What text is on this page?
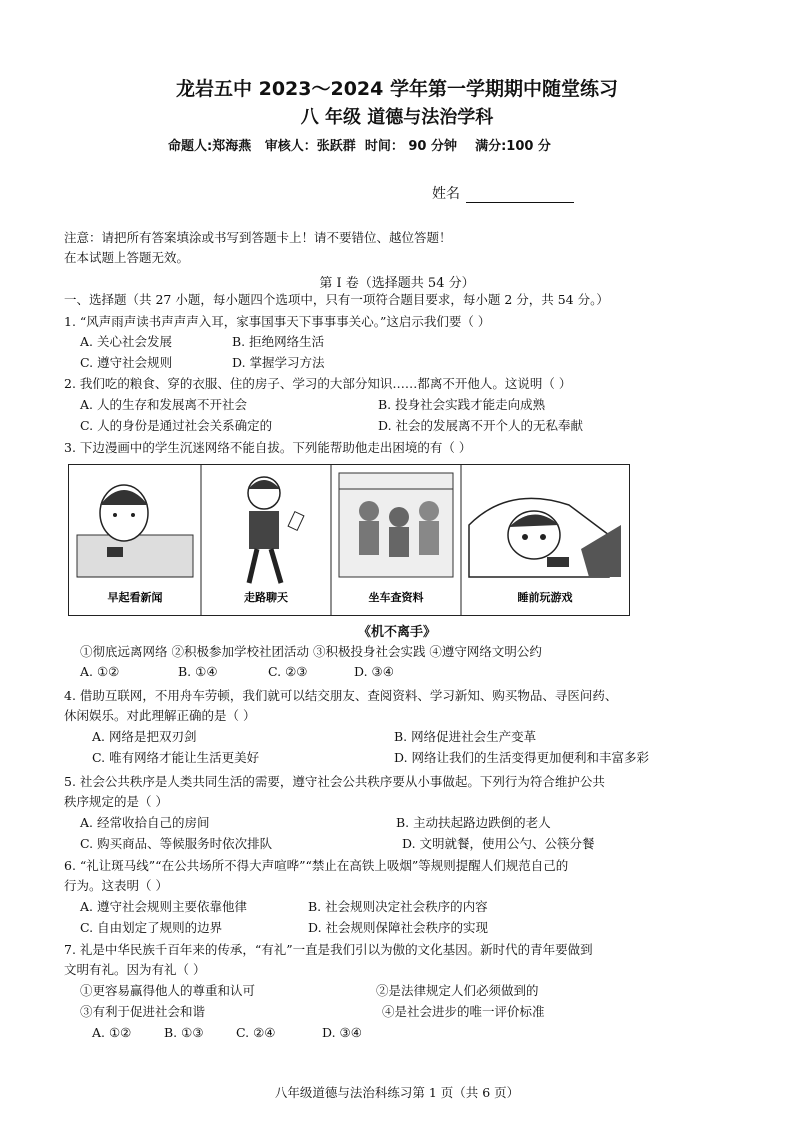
龙岩五中 2023～2024 学年第一学期期中随堂练习
八 年级 道德与法治学科
命题人:郑海燕   审核人：张跃群  时间： 90 分钟    满分:100 分
姓名
注意：请把所有答案填涂或书写到答题卡上！请不要错位、越位答题！
在本试题上答题无效。
第 I 卷（选择题共 54 分）
一、选择题（共 27 小题，每小题四个选项中，只有一项符合题目要求，每小题 2 分，共 54 分。）
1. “风声雨声读书声声声入耳，家事国事天下事事事关心。”这启示我们要（ ）
A. 关心社会发展	B. 拒绝网络生活
C. 遵守社会规则	D. 掌握学习方法
2. 我们吃的粮食、穿的衣服、住的房子、学习的大部分知识……都离不开他人。这说明（ ）
A. 人的生存和发展离不开社会	B. 投身社会实践才能走向成熟
C. 人的身份是通过社会关系确定的	D. 社会的发展离不开个人的无私奉献
3. 下边漫画中的学生沉迷网络不能自拔。下列能帮助他走出困境的有（ ）
早起看新闻	走路聊天	坐车查资料	睡前玩游戏
《机不离手》
①彻底远离网络 ②积极参加学校社团活动 ③积极投身社会实践 ④遵守网络文明公约
A. ①②	B. ①④	C. ②③	D. ③④
4. 借助互联网，不用舟车劳顿，我们就可以结交朋友、查阅资料、学习新知、购买物品、寻医问药、
休闲娱乐。对此理解正确的是（ ）
A. 网络是把双刃剑	B. 网络促进社会生产变革
C. 唯有网络才能让生活更美好	D. 网络让我们的生活变得更加便利和丰富多彩
5. 社会公共秩序是人类共同生活的需要，遵守社会公共秩序要从小事做起。下列行为符合维护公共
秩序规定的是（ ）
A. 经常收拾自己的房间	B. 主动扶起路边跌倒的老人
C. 购买商品、等候服务时依次排队	D. 文明就餐，使用公勺、公筷分餐
6. “礼让斑马线”“在公共场所不得大声喧哗”“禁止在高铁上吸烟”等规则提醒人们规范自己的
行为。这表明（ ）
A. 遵守社会规则主要依靠他律	B. 社会规则决定社会秩序的内容
C. 自由划定了规则的边界	D. 社会规则保障社会秩序的实现
7. 礼是中华民族千百年来的传承，“有礼”一直是我们引以为傲的文化基因。新时代的青年要做到
文明有礼。因为有礼（ ）
①更容易赢得他人的尊重和认可	②是法律规定人们必须做到的
③有利于促进社会和谐	④是社会进步的唯一评价标准
A. ①②	B. ①③	C. ②④	D. ③④
八年级道德与法治科练习第 1 页（共 6 页）
